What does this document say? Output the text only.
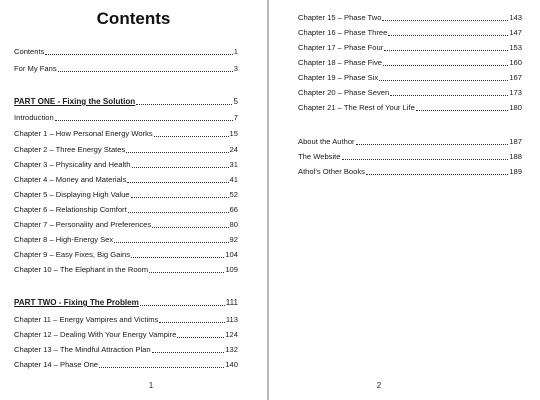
Contents
Contents	1
For My Fans	3
PART ONE - Fixing the Solution	5
Introduction	7
Chapter 1 – How Personal Energy Works	15
Chapter 2 – Three Energy States	24
Chapter 3 – Physicality and Health	31
Chapter 4 – Money and Materials	41
Chapter 5 – Displaying High Value	52
Chapter 6 – Relationship Comfort	66
Chapter 7 – Personality and Preferences	80
Chapter 8 – High-Energy Sex	92
Chapter 9 – Easy Fixes, Big Gains	104
Chapter 10 – The Elephant in the Room	109
PART TWO - Fixing The Problem	111
Chapter 11 – Energy Vampires and Victims	113
Chapter 12 – Dealing With Your Energy Vampire	124
Chapter 13 – The Mindful Attraction Plan	132
Chapter 14 – Phase One	140
1
Chapter 15 – Phase Two	143
Chapter 16 – Phase Three	147
Chapter 17 – Phase Four	153
Chapter 18 – Phase Five	160
Chapter 19 – Phase Six	167
Chapter 20 – Phase Seven	173
Chapter 21 – The Rest of Your Life	180
About the Author	187
The Website	188
Athol’s Other Books	189
2
